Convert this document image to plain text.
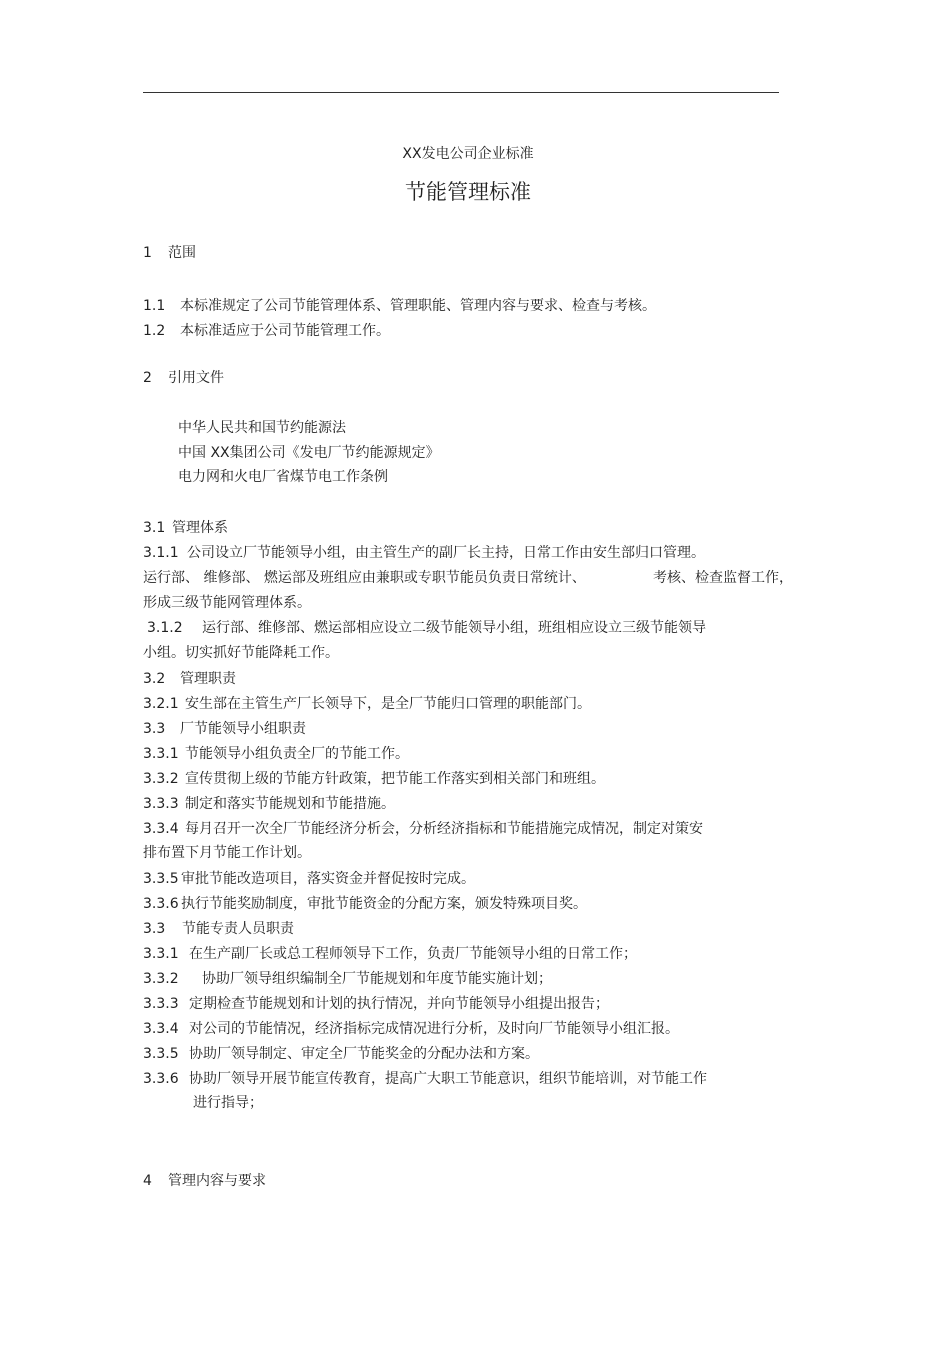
XX发电公司企业标准
节能管理标准
1 范围
1.1 本标准规定了公司节能管理体系、管理职能、管理内容与要求、检查与考核。
1.2 本标准适应于公司节能管理工作。
2 引用文件
中华人民共和国节约能源法
中国 XX集团公司《发电厂节约能源规定》
电力网和火电厂省煤节电工作条例
3.1 管理体系
3.1.1 公司设立厂节能领导小组，由主管生产的副厂长主持，日常工作由安生部归口管理。
运行部、 维修部、 燃运部及班组应由兼职或专职节能员负责日常统计、	考核、检查监督工作，
形成三级节能网管理体系。
3.1.2 运行部、维修部、燃运部相应设立二级节能领导小组，班组相应设立三级节能领导
小组。切实抓好节能降耗工作。
3.2 管理职责
3.2.1 安生部在主管生产厂长领导下，是全厂节能归口管理的职能部门。
3.3 厂节能领导小组职责
3.3.1 节能领导小组负责全厂的节能工作。
3.3.2 宣传贯彻上级的节能方针政策，把节能工作落实到相关部门和班组。
3.3.3 制定和落实节能规划和节能措施。
3.3.4 每月召开一次全厂节能经济分析会，分析经济指标和节能措施完成情况，制定对策安
排布置下月节能工作计划。
3.3.5 审批节能改造项目，落实资金并督促按时完成。
3.3.6 执行节能奖励制度，审批节能资金的分配方案，颁发特殊项目奖。
3.3 节能专责人员职责
3.3.1 在生产副厂长或总工程师领导下工作，负责厂节能领导小组的日常工作；
3.3.2 协助厂领导组织编制全厂节能规划和年度节能实施计划；
3.3.3 定期检查节能规划和计划的执行情况，并向节能领导小组提出报告；
3.3.4 对公司的节能情况，经济指标完成情况进行分析，及时向厂节能领导小组汇报。
3.3.5 协助厂领导制定、审定全厂节能奖金的分配办法和方案。
3.3.6 协助厂领导开展节能宣传教育，提高广大职工节能意识，组织节能培训，对节能工作
进行指导；
4 管理内容与要求
